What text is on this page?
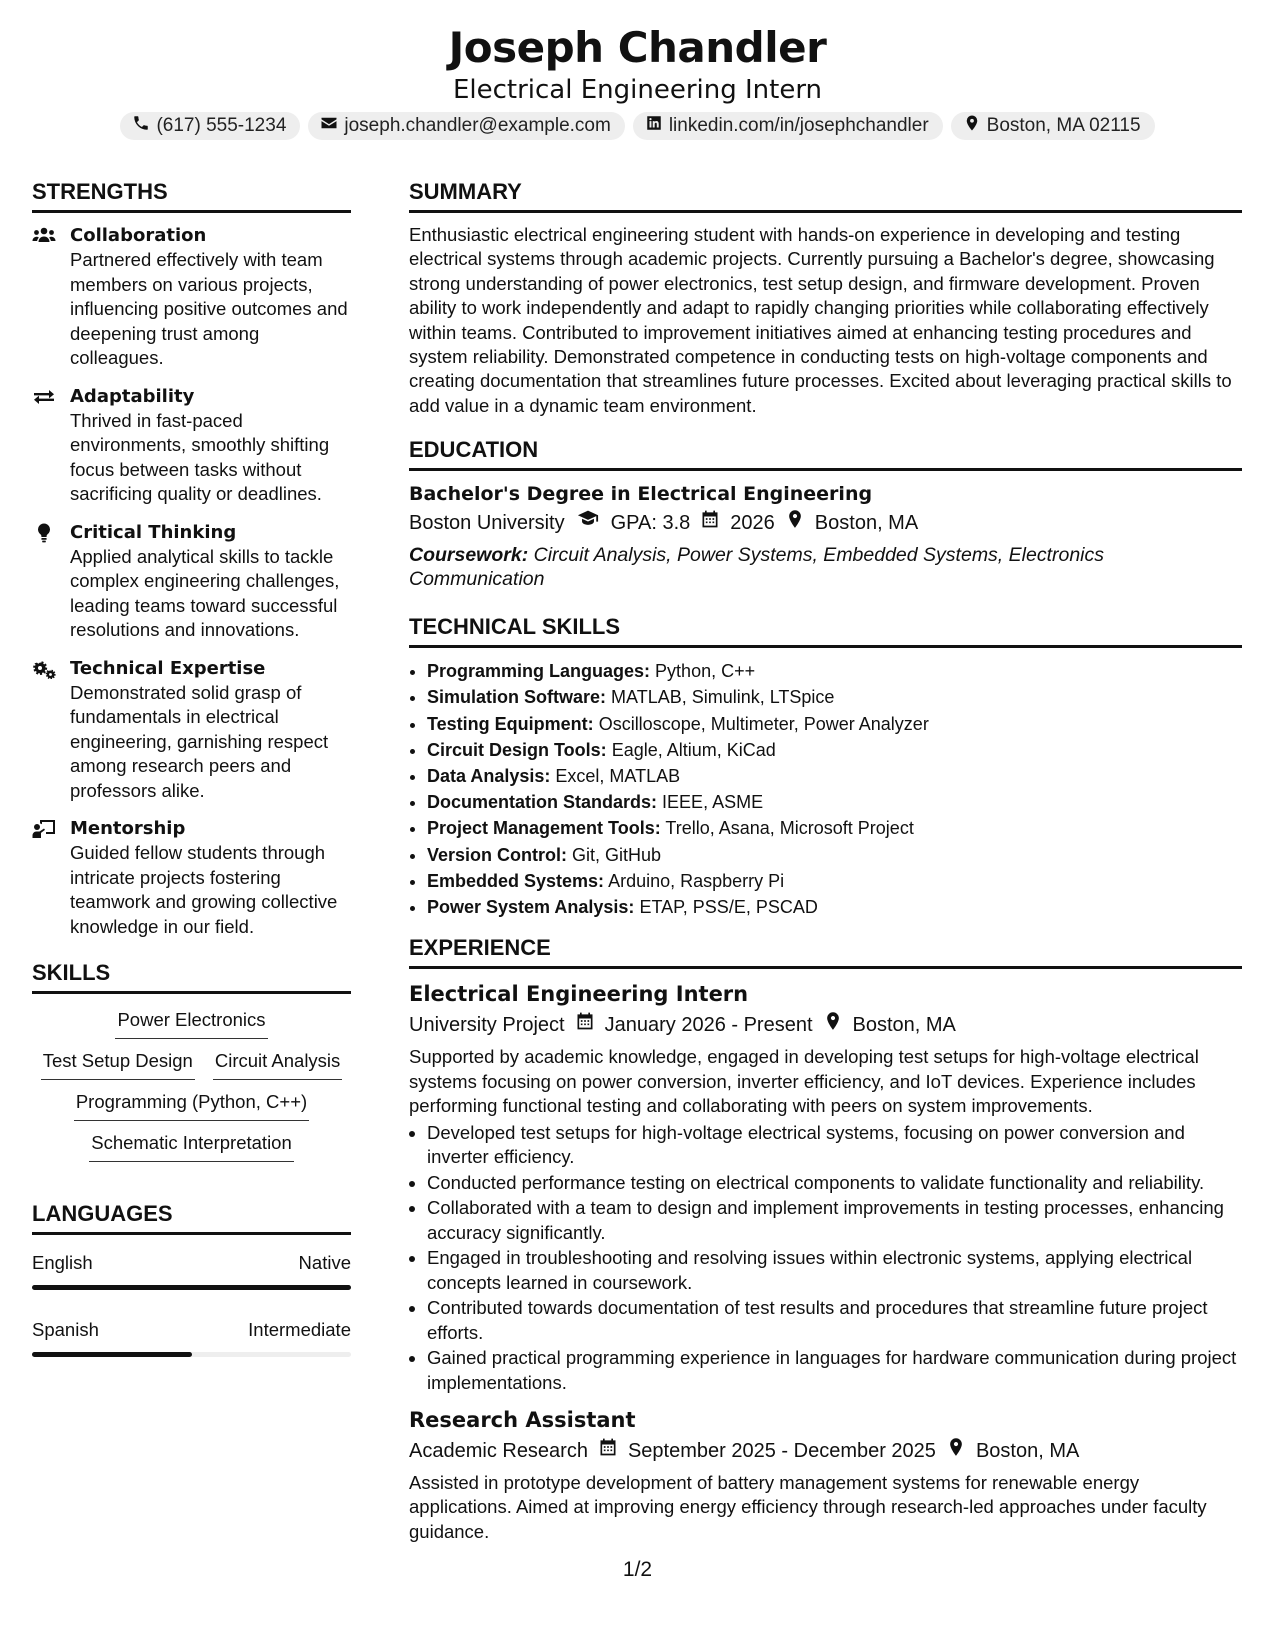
Joseph Chandler
Electrical Engineering Intern
(617) 555-1234	joseph.chandler@example.com	linkedin.com/in/josephchandler	Boston, MA 02115
STRENGTHS
Collaboration
Partnered effectively with team members on various projects, influencing positive outcomes and deepening trust among colleagues.
Adaptability
Thrived in fast-paced environments, smoothly shifting focus between tasks without sacrificing quality or deadlines.
Critical Thinking
Applied analytical skills to tackle complex engineering challenges, leading teams toward successful resolutions and innovations.
Technical Expertise
Demonstrated solid grasp of fundamentals in electrical engineering, garnishing respect among research peers and professors alike.
Mentorship
Guided fellow students through intricate projects fostering teamwork and growing collective knowledge in our field.
SKILLS
Power Electronics
Test Setup Design Circuit Analysis
Programming (Python, C++)
Schematic Interpretation
LANGUAGES
English	Native
Spanish	Intermediate
SUMMARY
Enthusiastic electrical engineering student with hands-on experience in developing and testing electrical systems through academic projects. Currently pursuing a Bachelor's degree, showcasing strong understanding of power electronics, test setup design, and firmware development. Proven ability to work independently and adapt to rapidly changing priorities while collaborating effectively within teams. Contributed to improvement initiatives aimed at enhancing testing procedures and system reliability. Demonstrated competence in conducting tests on high-voltage components and creating documentation that streamlines future processes. Excited about leveraging practical skills to add value in a dynamic team environment.
EDUCATION
Bachelor's Degree in Electrical Engineering
Boston University GPA: 3.8 2026 Boston, MA
Coursework: Circuit Analysis, Power Systems, Embedded Systems, Electronics Communication
TECHNICAL SKILLS
• Programming Languages: Python, C++
• Simulation Software: MATLAB, Simulink, LTSpice
• Testing Equipment: Oscilloscope, Multimeter, Power Analyzer
• Circuit Design Tools: Eagle, Altium, KiCad
• Data Analysis: Excel, MATLAB
• Documentation Standards: IEEE, ASME
• Project Management Tools: Trello, Asana, Microsoft Project
• Version Control: Git, GitHub
• Embedded Systems: Arduino, Raspberry Pi
• Power System Analysis: ETAP, PSS/E, PSCAD
EXPERIENCE
Electrical Engineering Intern
University Project January 2026 - Present Boston, MA
Supported by academic knowledge, engaged in developing test setups for high-voltage electrical systems focusing on power conversion, inverter efficiency, and IoT devices. Experience includes performing functional testing and collaborating with peers on system improvements.
• Developed test setups for high-voltage electrical systems, focusing on power conversion and inverter efficiency.
• Conducted performance testing on electrical components to validate functionality and reliability.
• Collaborated with a team to design and implement improvements in testing processes, enhancing accuracy significantly.
• Engaged in troubleshooting and resolving issues within electronic systems, applying electrical concepts learned in coursework.
• Contributed towards documentation of test results and procedures that streamline future project efforts.
• Gained practical programming experience in languages for hardware communication during project implementations.
Research Assistant
Academic Research September 2025 - December 2025 Boston, MA
Assisted in prototype development of battery management systems for renewable energy applications. Aimed at improving energy efficiency through research-led approaches under faculty guidance.
1/2
